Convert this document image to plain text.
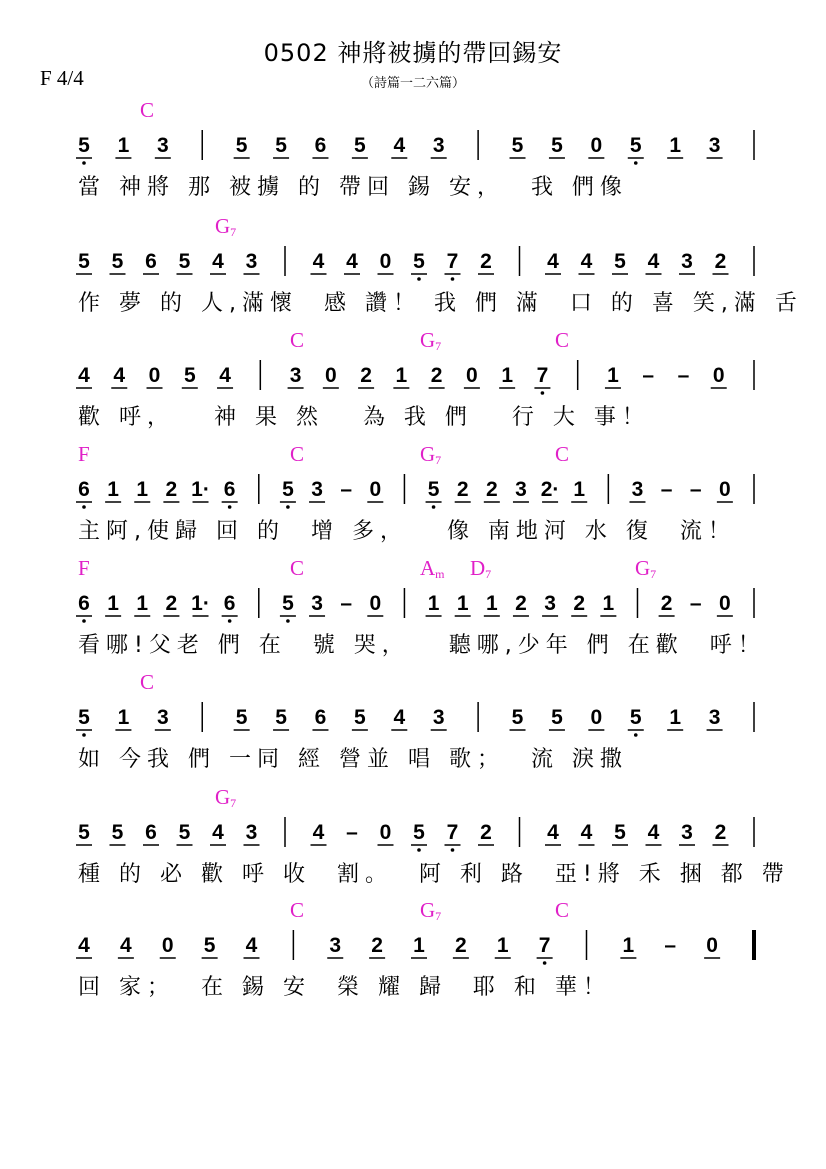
F 4/4
0502 神將被擄的帶回錫安
（詩篇一二六篇）
C
5 1 3	5 5 6 5 4 3	5 5 0 5 1 3
當 神將 那 被擄 的 帶回 錫 安，  我 們像
$G_7$
5 5 6 5 4 3	4 4 0 5 7 2	4 4 5 4 3 2
作 夢 的 人,滿懷  感 讚！ 我 們 滿  口 的 喜 笑,滿 舌
C	$G_7$	C
4 4 0 5 4	3 0 2 1 2 0 1 7	1 – – 0
歡 呼，   神 果 然   為 我 們   行 大 事！
F	C	$G_7$	C
6 1 1 2 1· 6 5 3 – 0 5 2 2 3 2· 1 3 – – 0
主阿,使歸 回 的  增 多，   像 南地河 水 復  流！
F	C	$A_m$ $D_7$	$G_7$
6 1 1 2 1· 6 5 3 – 0 1 1 1 2 3 2 1 2 – 0
看哪!父老 們 在  號 哭，   聽哪,少年 們 在歡  呼！
C
5 1 3	5 5 6 5 4 3	5 5 0 5 1 3
如 今我 們 一同 經 營並 唱 歌；  流 淚撒
$G_7$
5 5 6 5 4 3	4 – 0 5 7 2	4 4 5 4 3 2
種 的 必 歡 呼 收  割。  阿 利 路  亞!將 禾 捆 都 帶
C	$G_7$	C
4 4 0 5 4	3 2 1 2 1 7	1 – 0
回 家；  在 錫 安  榮 耀 歸  耶 和 華！
